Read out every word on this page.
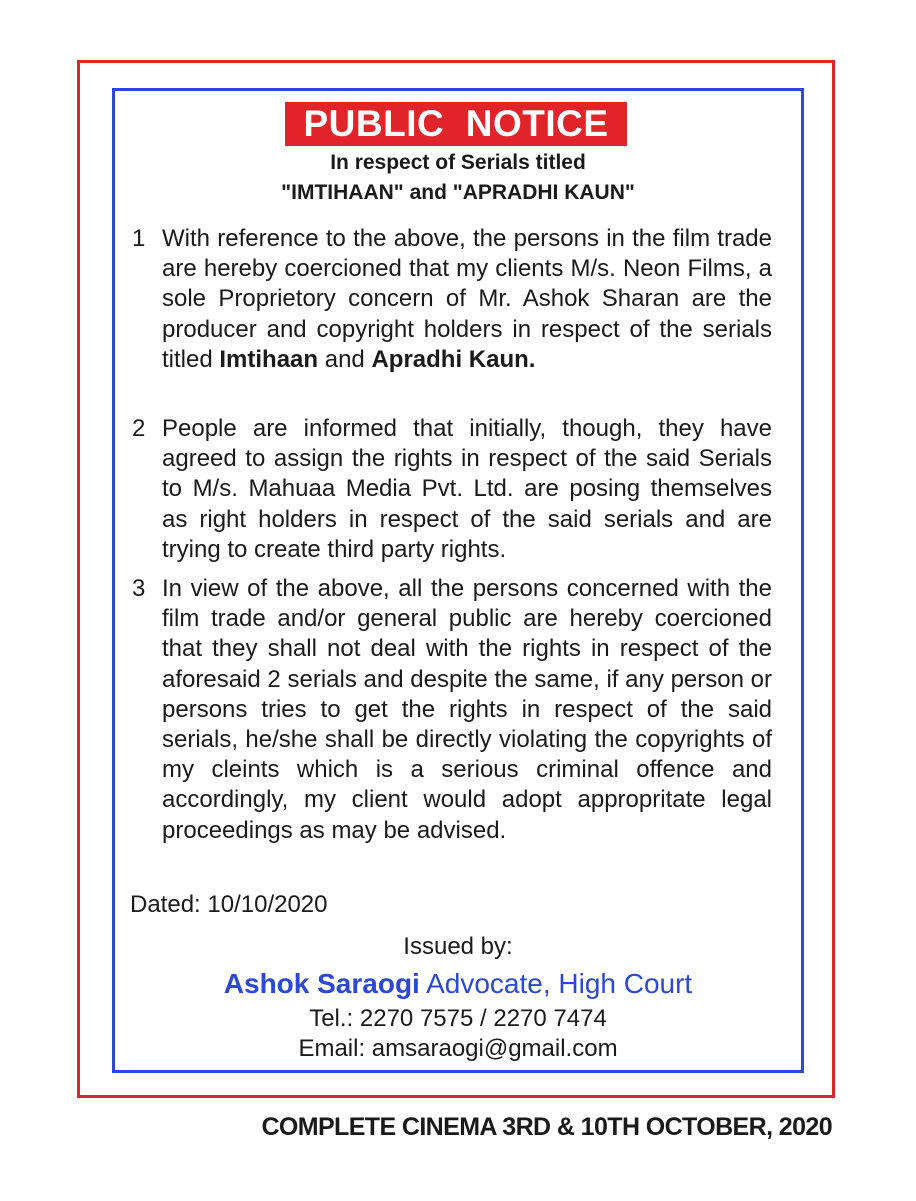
PUBLIC  NOTICE
In respect of Serials titled
"IMTIHAAN" and "APRADHI KAUN"
1 With reference to the above, the persons in the film trade are hereby coercioned that my clients M/s. Neon Films, a sole Proprietory concern of Mr. Ashok Sharan are the producer and copyright holders in respect of the serials titled Imtihaan and Apradhi Kaun.
2 People are informed that initially, though, they have agreed to assign the rights in respect of the said Serials to M/s. Mahuaa Media Pvt. Ltd. are posing themselves as right holders in respect of the said serials and are trying to create third party rights.
3 In view of the above, all the persons concerned with the film trade and/or general public are hereby coercioned that they shall not deal with the rights in respect of the aforesaid 2 serials and despite the same, if any person or persons tries to get the rights in respect of the said serials, he/she shall be directly violating the copyrights of my cleints which is a serious criminal offence and accordingly, my client would adopt appropritate legal proceedings as may be advised.
Dated: 10/10/2020
Issued by:
Ashok Saraogi Advocate, High Court
Tel.: 2270 7575 / 2270 7474
Email: amsaraogi@gmail.com
COMPLETE CINEMA 3RD & 10TH OCTOBER, 2020
